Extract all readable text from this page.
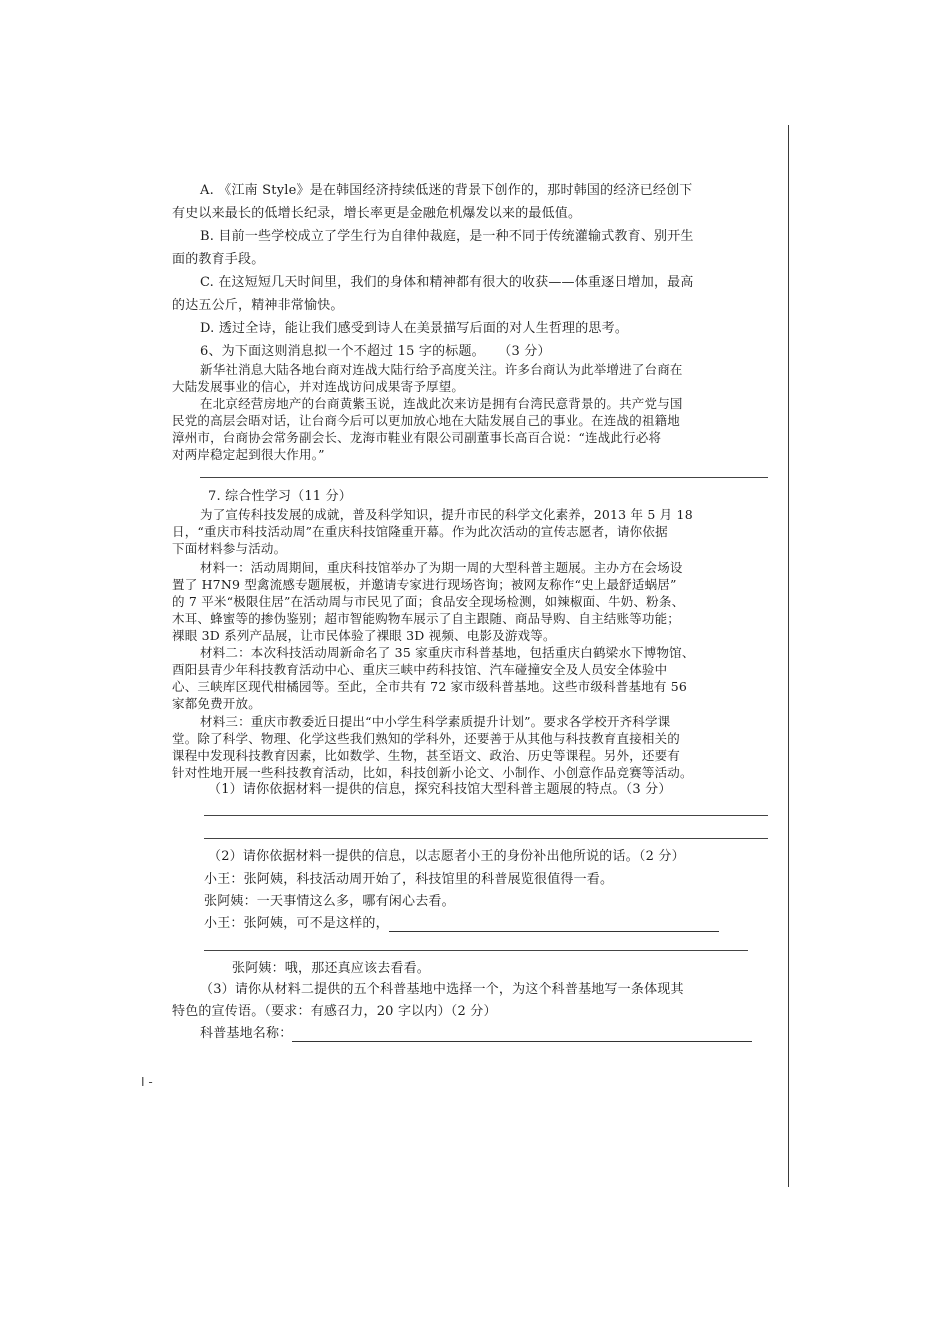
A. 《江南 Style》是在韩国经济持续低迷的背景下创作的，那时韩国的经济已经创下
有史以来最长的低增长纪录，增长率更是金融危机爆发以来的最低值。
B. 目前一些学校成立了学生行为自律仲裁庭，是一种不同于传统灌输式教育、别开生
面的教育手段。
C. 在这短短几天时间里，我们的身体和精神都有很大的收获——体重逐日增加，最高
的达五公斤，精神非常愉快。
D. 透过全诗，能让我们感受到诗人在美景描写后面的对人生哲理的思考。
6、为下面这则消息拟一个不超过 15 字的标题。　　（3 分）
新华社消息大陆各地台商对连战大陆行给予高度关注。许多台商认为此举增进了台商在
大陆发展事业的信心，并对连战访问成果寄予厚望。
在北京经营房地产的台商黄紫玉说，连战此次来访是拥有台湾民意背景的。共产党与国
民党的高层会晤对话，让台商今后可以更加放心地在大陆发展自己的事业。在连战的祖籍地
漳州市，台商协会常务副会长、龙海市鞋业有限公司副董事长高百合说：“连战此行必将
对两岸稳定起到很大作用。”
7. 综合性学习（11 分）
为了宣传科技发展的成就，普及科学知识，提升市民的科学文化素养，2013 年 5 月 18
日，“重庆市科技活动周”在重庆科技馆隆重开幕。作为此次活动的宣传志愿者，请你依据
下面材料参与活动。
材料一：活动周期间，重庆科技馆举办了为期一周的大型科普主题展。主办方在会场设
置了 H7N9 型禽流感专题展板，并邀请专家进行现场咨询；被网友称作“史上最舒适蜗居”
的 7 平米“极限住居”在活动周与市民见了面；食品安全现场检测，如辣椒面、牛奶、粉条、
木耳、蜂蜜等的掺伪鉴别；超市智能购物车展示了自主跟随、商品导购、自主结账等功能；
裸眼 3D 系列产品展，让市民体验了裸眼 3D 视频、电影及游戏等。
材料二：本次科技活动周新命名了 35 家重庆市科普基地，包括重庆白鹤梁水下博物馆、
酉阳县青少年科技教育活动中心、重庆三峡中药科技馆、汽车碰撞安全及人员安全体验中
心、三峡库区现代柑橘园等。至此，全市共有 72 家市级科普基地。这些市级科普基地有 56
家都免费开放。
材料三：重庆市教委近日提出“中小学生科学素质提升计划”。要求各学校开齐科学课
堂。除了科学、物理、化学这些我们熟知的学科外，还要善于从其他与科技教育直接相关的
课程中发现科技教育因素，比如数学、生物，甚至语文、政治、历史等课程。另外，还要有
针对性地开展一些科技教育活动，比如，科技创新小论文、小制作、小创意作品竞赛等活动。
（1）请你依据材料一提供的信息，探究科技馆大型科普主题展的特点。（3 分）
（2）请你依据材料一提供的信息，以志愿者小王的身份补出他所说的话。（2 分）
小王：张阿姨，科技活动周开始了，科技馆里的科普展览很值得一看。
张阿姨：一天事情这么多，哪有闲心去看。
小王：张阿姨，可不是这样的，
张阿姨：哦，那还真应该去看看。
（3）请你从材料二提供的五个科普基地中选择一个，为这个科普基地写一条体现其
特色的宣传语。（要求：有感召力，20 字以内）（2 分）
科普基地名称：
I -
